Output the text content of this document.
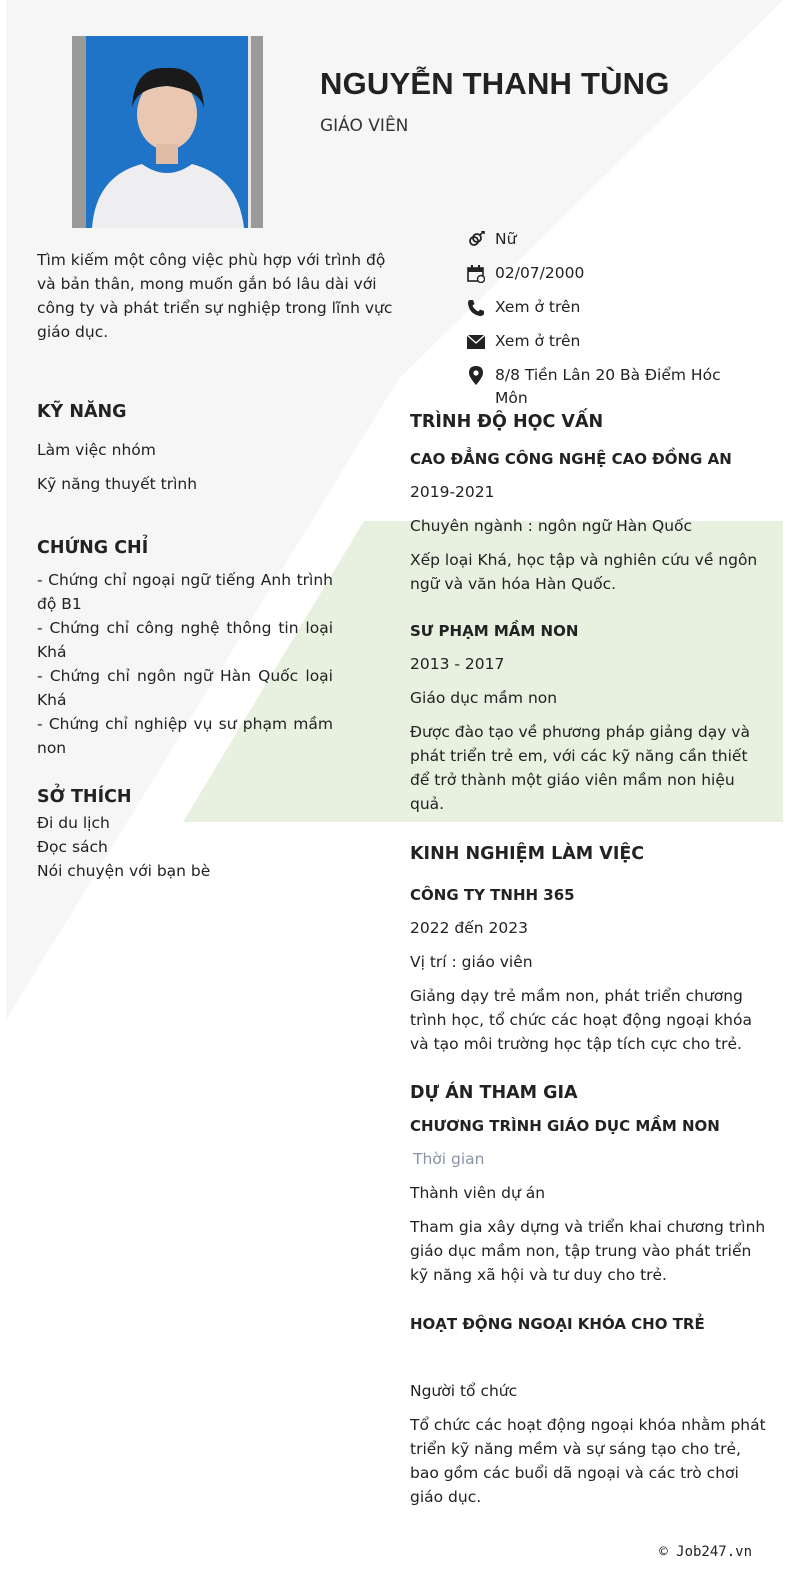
NGUYỄN THANH TÙNG
GIÁO VIÊN
Tìm kiếm một công việc phù hợp với trình độ và bản thân, mong muốn gắn bó lâu dài với công ty và phát triển sự nghiệp trong lĩnh vực giáo dục.
Nữ
02/07/2000
Xem ở trên
Xem ở trên
8/8 Tiền Lân 20 Bà Điểm Hóc Môn
KỸ NĂNG

Làm việc nhóm

Kỹ năng thuyết trình

CHỨNG CHỈ

- Chứng chỉ ngoại ngữ tiếng Anh trình độ B1

- Chứng chỉ công nghệ thông tin loại Khá

- Chứng chỉ ngôn ngữ Hàn Quốc loại Khá

- Chứng chỉ nghiệp vụ sư phạm mầm non

SỞ THÍCH

Đi du lịch

Đọc sách

Nói chuyện với bạn bè

TRÌNH ĐỘ HỌC VẤN
CAO ĐẲNG CÔNG NGHỆ CAO ĐỒNG AN

2019-2021

Chuyên ngành : ngôn ngữ Hàn Quốc

Xếp loại Khá, học tập và nghiên cứu về ngôn ngữ và văn hóa Hàn Quốc.

SƯ PHẠM MẦM NON

2013 - 2017

Giáo dục mầm non

Được đào tạo về phương pháp giảng dạy và phát triển trẻ em, với các kỹ năng cần thiết để trở thành một giáo viên mầm non hiệu quả.

KINH NGHIỆM LÀM VIỆC
CÔNG TY TNHH 365

2022 đến 2023

Vị trí : giáo viên

Giảng dạy trẻ mầm non, phát triển chương trình học, tổ chức các hoạt động ngoại khóa và tạo môi trường học tập tích cực cho trẻ.

DỰ ÁN THAM GIA
CHƯƠNG TRÌNH GIÁO DỤC MẦM NON

Thời gian

Thành viên dự án

Tham gia xây dựng và triển khai chương trình giáo dục mầm non, tập trung vào phát triển kỹ năng xã hội và tư duy cho trẻ.

HOẠT ĐỘNG NGOẠI KHÓA CHO TRẺ

Người tổ chức

Tổ chức các hoạt động ngoại khóa nhằm phát triển kỹ năng mềm và sự sáng tạo cho trẻ, bao gồm các buổi dã ngoại và các trò chơi giáo dục.

© Job247.vn
